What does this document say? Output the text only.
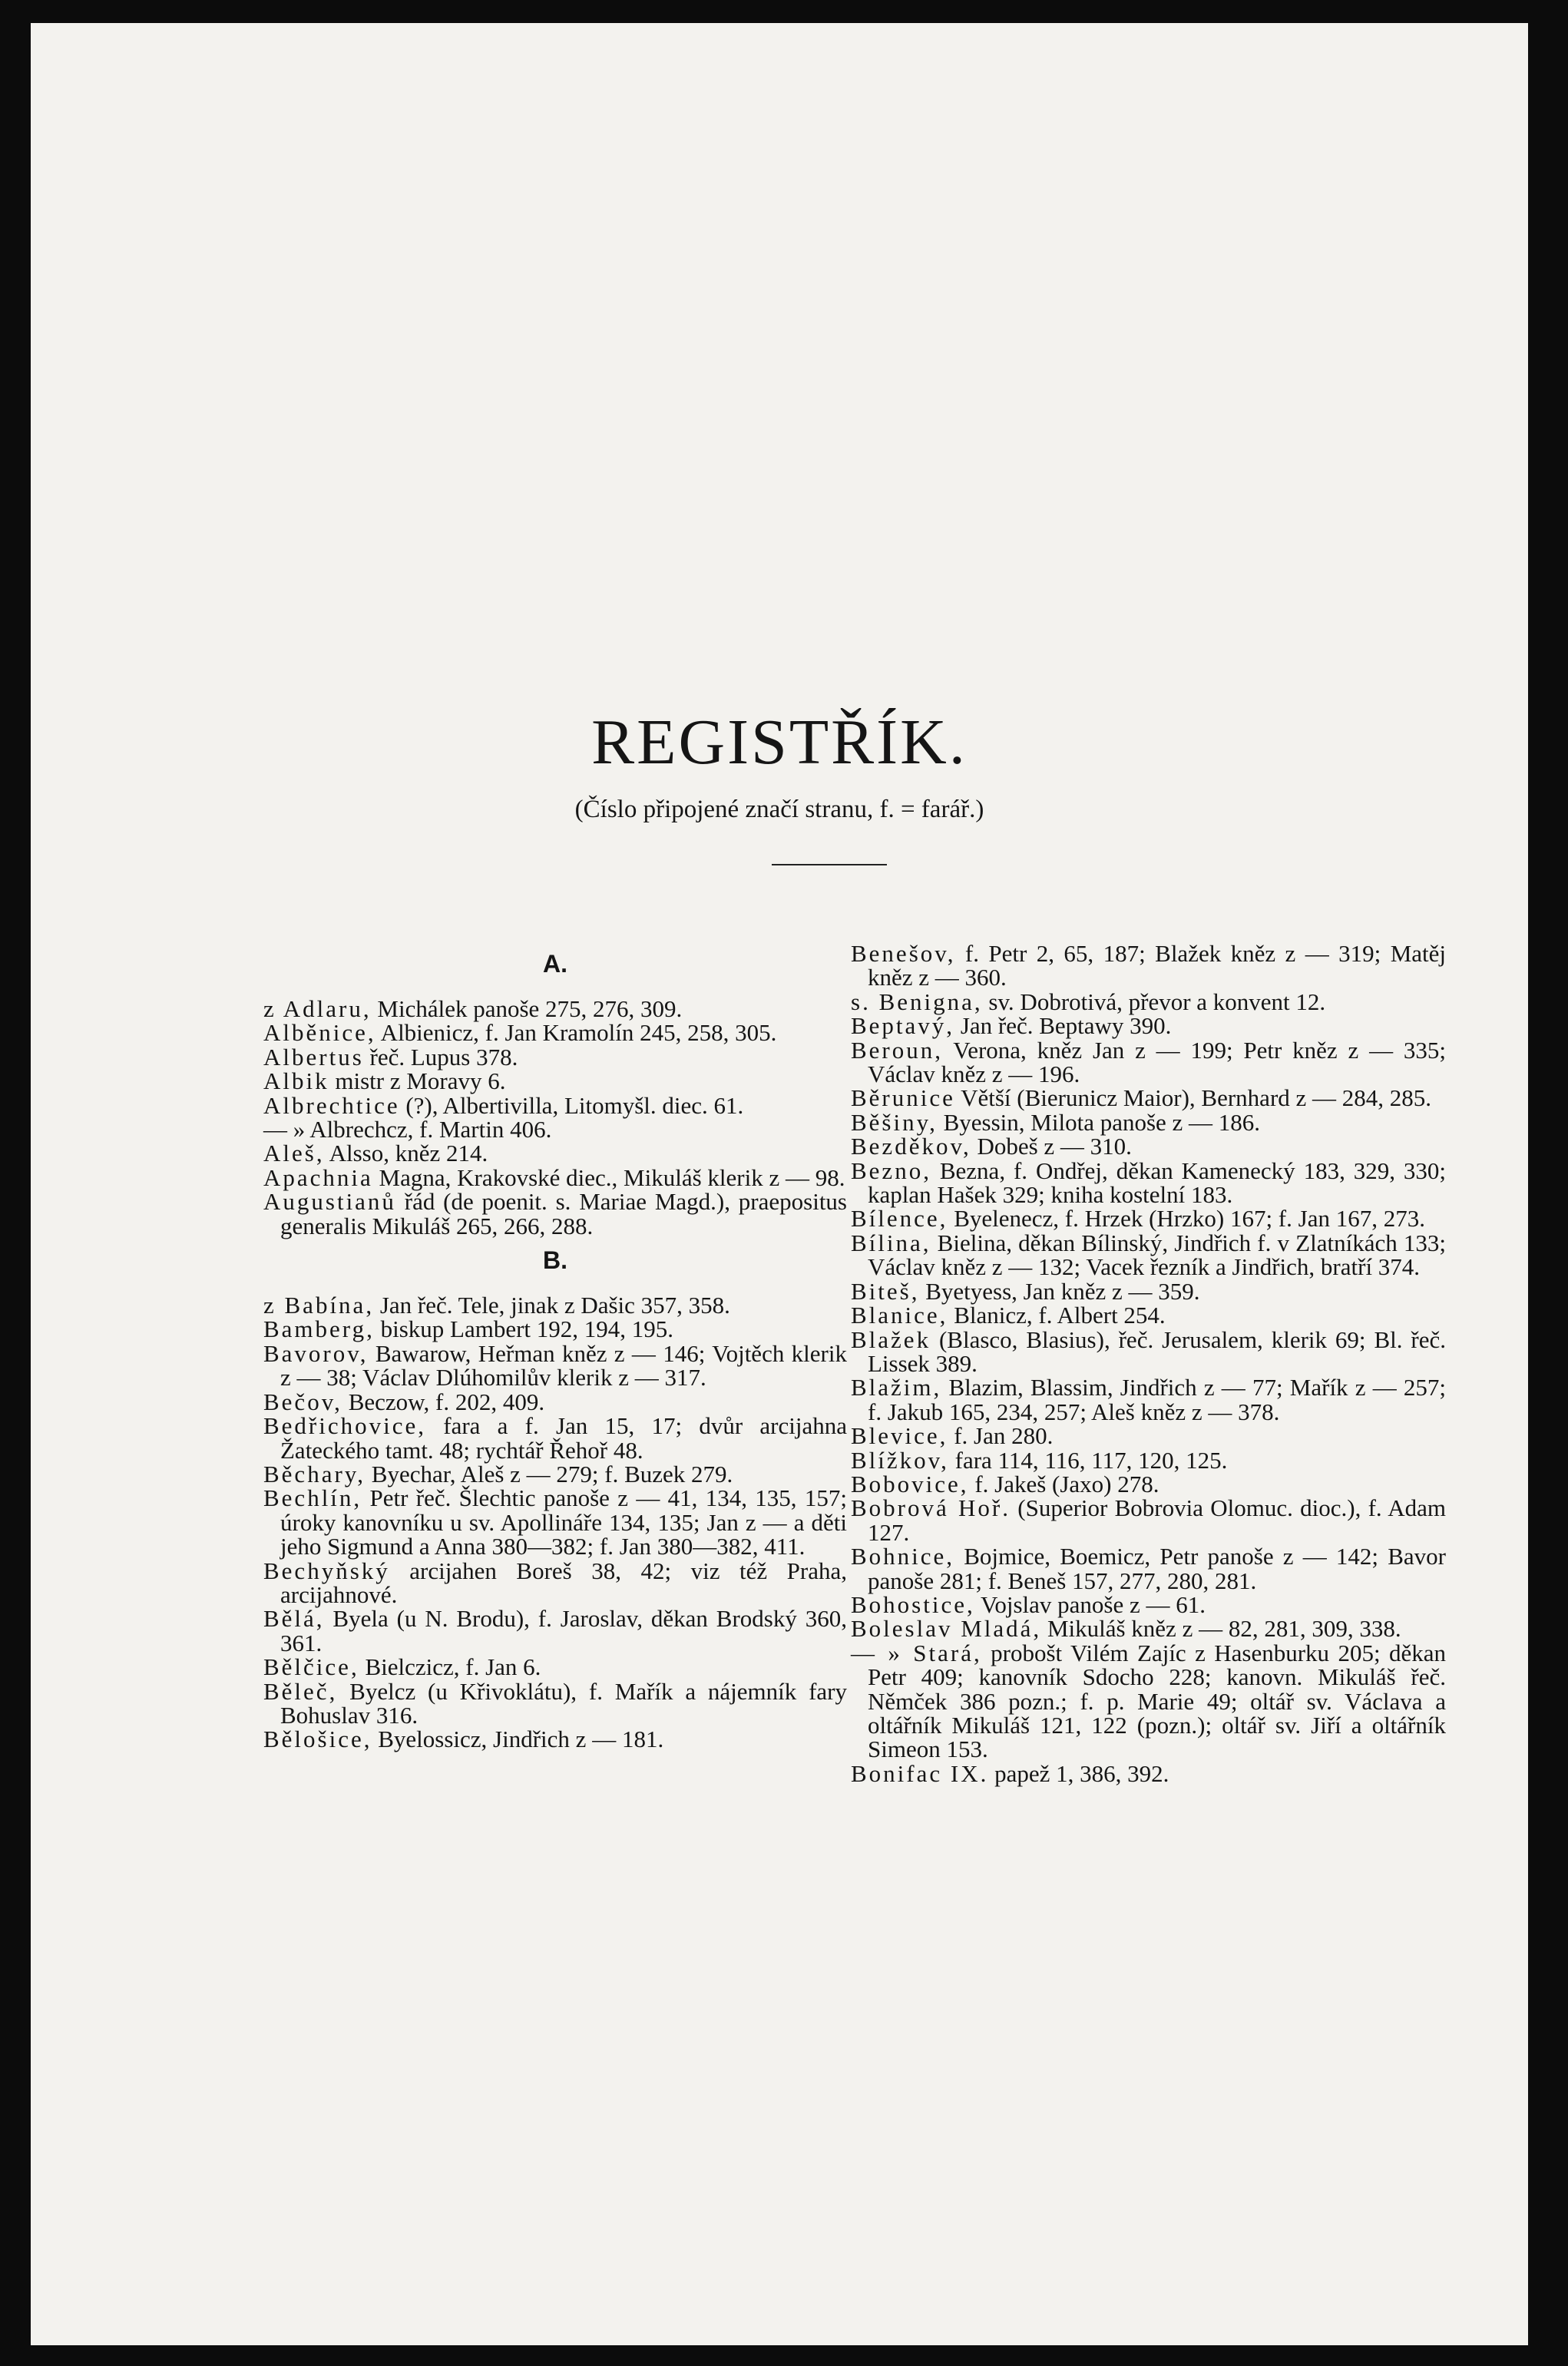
REGISTŘÍK.
(Číslo připojené značí stranu, f. = farář.)
A.

z Adlaru, Michálek panoše 275, 276, 309.

Alběnice, Albienicz, f. Jan Kramolín 245, 258, 305.

Albertus řeč. Lupus 378.

Albik mistr z Moravy 6.

Albrechtice (?), Albertivilla, Litomyšl. diec. 61.

— » Albrechcz, f. Martin 406.

Aleš, Alsso, kněz 214.

Apachnia Magna, Krakovské diec., Mikuláš klerik z — 98.

Augustianů řád (de poenit. s. Mariae Magd.), praepositus generalis Mikuláš 265, 266, 288.

B.

z Babína, Jan řeč. Tele, jinak z Dašic 357, 358.

Bamberg, biskup Lambert 192, 194, 195.

Bavorov, Bawarow, Heřman kněz z — 146; Vojtěch klerik z — 38; Václav Dlúhomilův klerik z — 317.

Bečov, Beczow, f. 202, 409.

Bedřichovice, fara a f. Jan 15, 17; dvůr arcijahna Žateckého tamt. 48; rychtář Řehoř 48.

Běchary, Byechar, Aleš z — 279; f. Buzek 279.

Bechlín, Petr řeč. Šlechtic panoše z — 41, 134, 135, 157; úroky kanovníku u sv. Apollináře 134, 135; Jan z — a děti jeho Sigmund a Anna 380—382; f. Jan 380—382, 411.

Bechyňský arcijahen Boreš 38, 42; viz též Praha, arcijahnové.

Bělá, Byela (u N. Brodu), f. Jaroslav, děkan Brodský 360, 361.

Bělčice, Bielczicz, f. Jan 6.

Běleč, Byelcz (u Křivoklátu), f. Mařík a nájemník fary Bohuslav 316.

Bělošice, Byelossicz, Jindřich z — 181.

Benešov, f. Petr 2, 65, 187; Blažek kněz z — 319; Matěj kněz z — 360.

s. Benigna, sv. Dobrotivá, převor a konvent 12.

Beptavý, Jan řeč. Beptawy 390.

Beroun, Verona, kněz Jan z — 199; Petr kněz z — 335; Václav kněz z — 196.

Běrunice Větší (Bierunicz Maior), Bernhard z — 284, 285.

Běšiny, Byessin, Milota panoše z — 186.

Bezděkov, Dobeš z — 310.

Bezno, Bezna, f. Ondřej, děkan Kamenecký 183, 329, 330; kaplan Hašek 329; kniha kostelní 183.

Bílence, Byelenecz, f. Hrzek (Hrzko) 167; f. Jan 167, 273.

Bílina, Bielina, děkan Bílinský, Jindřich f. v Zlatníkách 133; Václav kněz z — 132; Vacek řezník a Jindřich, bratří 374.

Biteš, Byetyess, Jan kněz z — 359.

Blanice, Blanicz, f. Albert 254.

Blažek (Blasco, Blasius), řeč. Jerusalem, klerik 69; Bl. řeč. Lissek 389.

Blažim, Blazim, Blassim, Jindřich z — 77; Mařík z — 257; f. Jakub 165, 234, 257; Aleš kněz z — 378.

Blevice, f. Jan 280.

Blížkov, fara 114, 116, 117, 120, 125.

Bobovice, f. Jakeš (Jaxo) 278.

Bobrová Hoř. (Superior Bobrovia Olomuc. dioc.), f. Adam 127.

Bohnice, Bojmice, Boemicz, Petr panoše z — 142; Bavor panoše 281; f. Beneš 157, 277, 280, 281.

Bohostice, Vojslav panoše z — 61.

Boleslav Mladá, Mikuláš kněz z — 82, 281, 309, 338.

— » Stará, probošt Vilém Zajíc z Hasenburku 205; děkan Petr 409; kanovník Sdocho 228; kanovn. Mikuláš řeč. Němček 386 pozn.; f. p. Marie 49; oltář sv. Václava a oltářník Mikuláš 121, 122 (pozn.); oltář sv. Jiří a oltářník Simeon 153.

Bonifac IX. papež 1, 386, 392.
